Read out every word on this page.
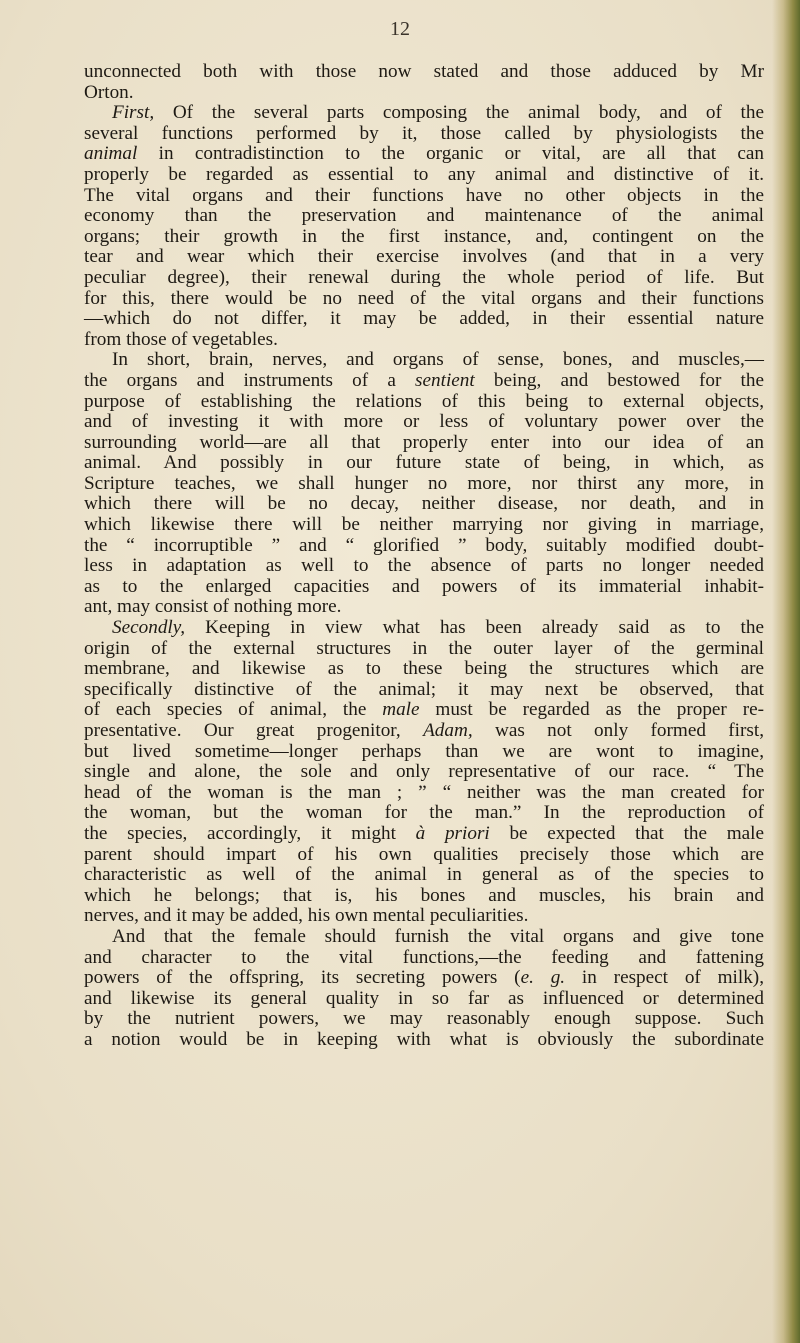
12
unconnected both with those now stated and those adduced by Mr
Orton.
First, Of the several parts composing the animal body, and of the
several functions performed by it, those called by physiologists the
animal in contradistinction to the organic or vital, are all that can
properly be regarded as essential to any animal and distinctive of it.
The vital organs and their functions have no other objects in the
economy than the preservation and maintenance of the animal
organs; their growth in the first instance, and, contingent on the
tear and wear which their exercise involves (and that in a very
peculiar degree), their renewal during the whole period of life. But
for this, there would be no need of the vital organs and their functions
—which do not differ, it may be added, in their essential nature
from those of vegetables.
In short, brain, nerves, and organs of sense, bones, and muscles,—
the organs and instruments of a sentient being, and bestowed for the
purpose of establishing the relations of this being to external objects,
and of investing it with more or less of voluntary power over the
surrounding world—are all that properly enter into our idea of an
animal. And possibly in our future state of being, in which, as
Scripture teaches, we shall hunger no more, nor thirst any more, in
which there will be no decay, neither disease, nor death, and in
which likewise there will be neither marrying nor giving in marriage,
the “ incorruptible ” and “ glorified ” body, suitably modified doubt-
less in adaptation as well to the absence of parts no longer needed
as to the enlarged capacities and powers of its immaterial inhabit-
ant, may consist of nothing more.
Secondly, Keeping in view what has been already said as to the
origin of the external structures in the outer layer of the germinal
membrane, and likewise as to these being the structures which are
specifically distinctive of the animal; it may next be observed, that
of each species of animal, the male must be regarded as the proper re-
presentative. Our great progenitor, Adam, was not only formed first,
but lived sometime—longer perhaps than we are wont to imagine,
single and alone, the sole and only representative of our race. “ The
head of the woman is the man ; ” “ neither was the man created for
the woman, but the woman for the man.” In the reproduction of
the species, accordingly, it might à priori be expected that the male
parent should impart of his own qualities precisely those which are
characteristic as well of the animal in general as of the species to
which he belongs; that is, his bones and muscles, his brain and
nerves, and it may be added, his own mental peculiarities.
And that the female should furnish the vital organs and give tone
and character to the vital functions,—the feeding and fattening
powers of the offspring, its secreting powers (e. g. in respect of milk),
and likewise its general quality in so far as influenced or determined
by the nutrient powers, we may reasonably enough suppose. Such
a notion would be in keeping with what is obviously the subordinate
